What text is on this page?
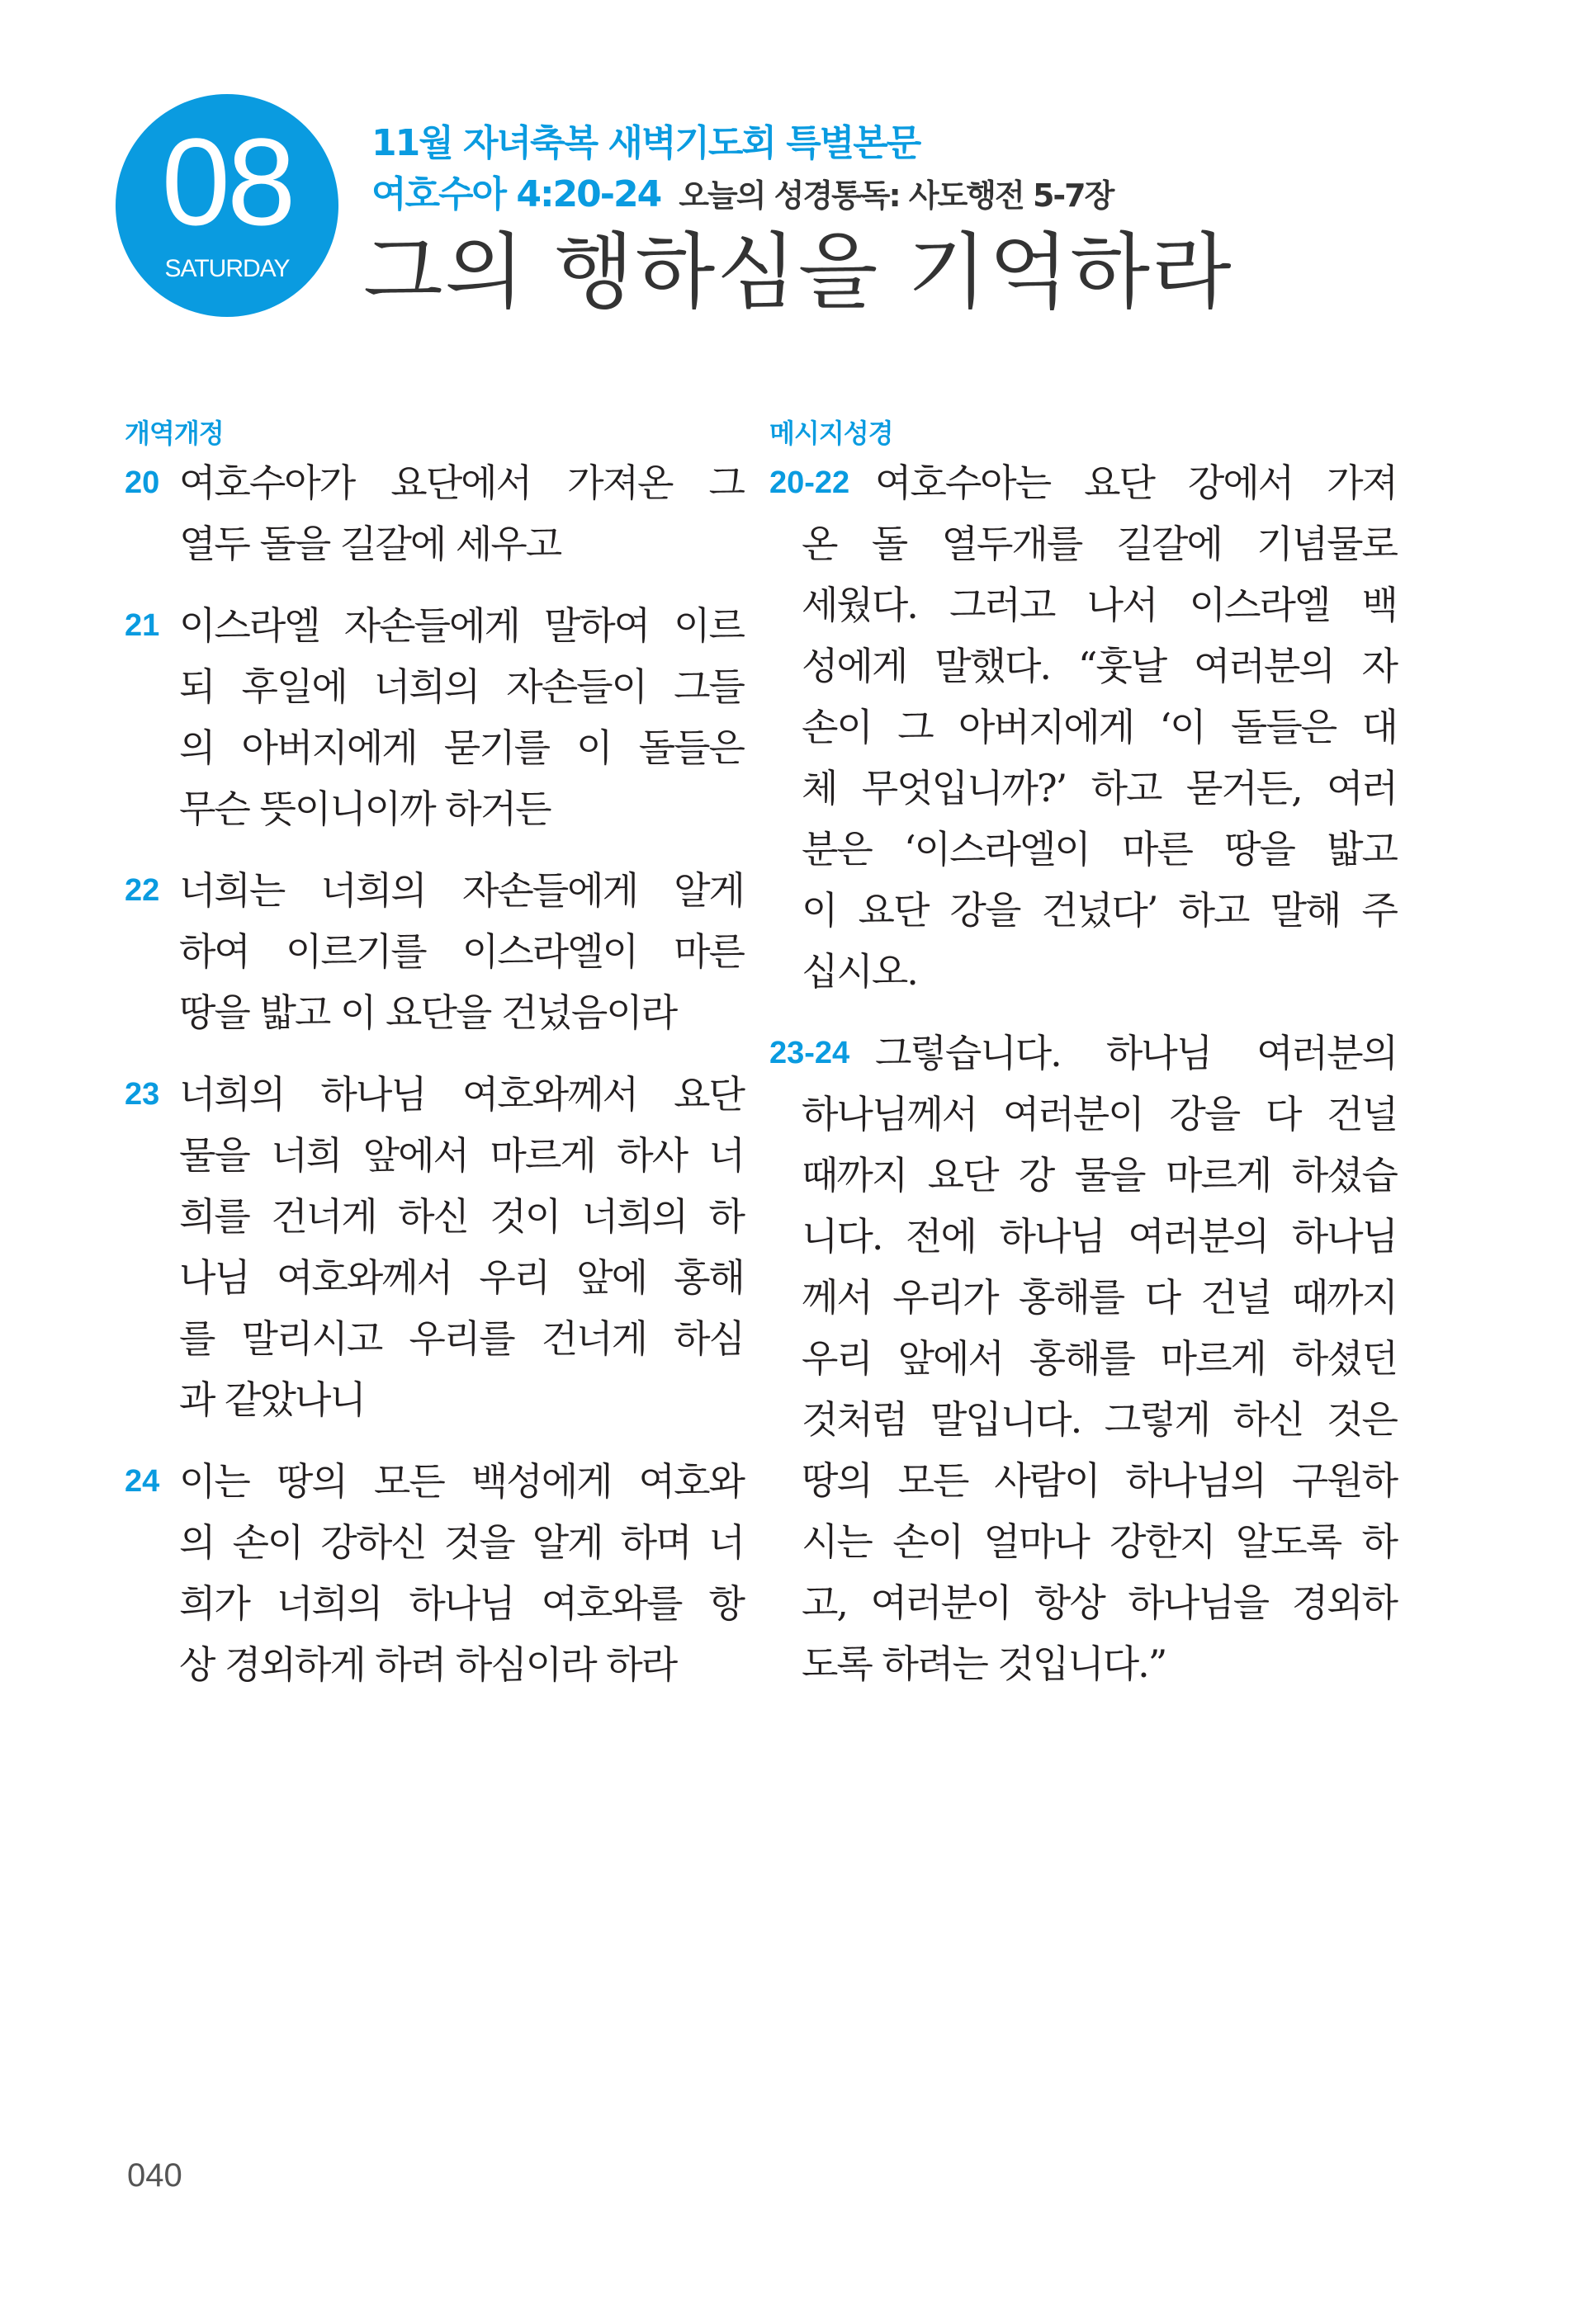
08
SATURDAY
11월 자녀축복 새벽기도회 특별본문
여호수아 4:20-24 오늘의 성경통독: 사도행전 5-7장
그의 행하심을 기억하라
개역개정
20 여호수아가 요단에서 가져온 그
열두 돌을 길갈에 세우고
21 이스라엘 자손들에게 말하여 이르
되 후일에 너희의 자손들이 그들
의 아버지에게 묻기를 이 돌들은
무슨 뜻이니이까 하거든
22 너희는 너희의 자손들에게 알게
하여 이르기를 이스라엘이 마른
땅을 밟고 이 요단을 건넜음이라
23 너희의 하나님 여호와께서 요단
물을 너희 앞에서 마르게 하사 너
희를 건너게 하신 것이 너희의 하
나님 여호와께서 우리 앞에 홍해
를 말리시고 우리를 건너게 하심
과 같았나니
24 이는 땅의 모든 백성에게 여호와
의 손이 강하신 것을 알게 하며 너
희가 너희의 하나님 여호와를 항
상 경외하게 하려 하심이라 하라
메시지성경
20-22 여호수아는 요단 강에서 가져
온 돌 열두개를 길갈에 기념물로
세웠다. 그러고 나서 이스라엘 백
성에게 말했다. “훗날 여러분의 자
손이 그 아버지에게 ‘이 돌들은 대
체 무엇입니까?’ 하고 묻거든, 여러
분은 ‘이스라엘이 마른 땅을 밟고
이 요단 강을 건넜다’ 하고 말해 주
십시오.
23-24 그렇습니다. 하나님 여러분의
하나님께서 여러분이 강을 다 건널
때까지 요단 강 물을 마르게 하셨습
니다. 전에 하나님 여러분의 하나님
께서 우리가 홍해를 다 건널 때까지
우리 앞에서 홍해를 마르게 하셨던
것처럼 말입니다. 그렇게 하신 것은
땅의 모든 사람이 하나님의 구원하
시는 손이 얼마나 강한지 알도록 하
고, 여러분이 항상 하나님을 경외하
도록 하려는 것입니다.”
040
